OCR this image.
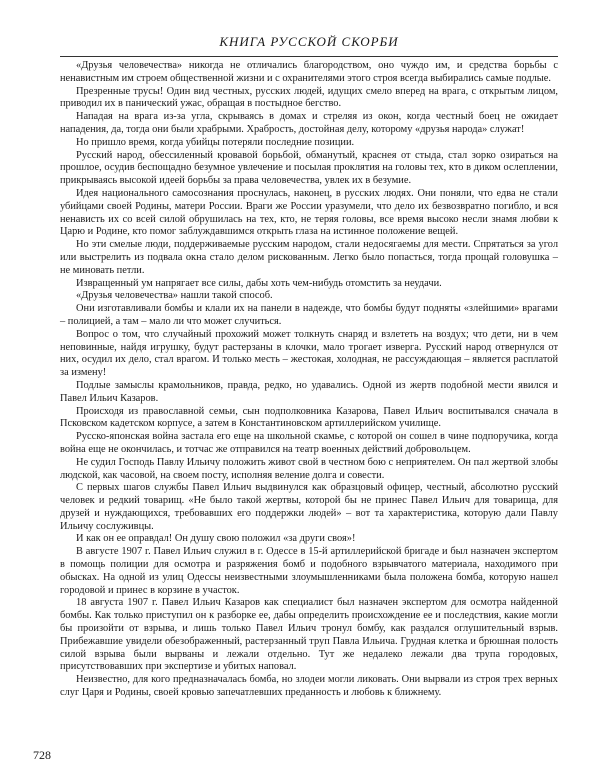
КНИГА РУССКОЙ СКОРБИ

«Друзья человечества» никогда не отличались благородством, оно чуждо им, и средства борьбы с ненавистным им строем общественной жизни и с охранителями этого строя всегда выбирались самые подлые.

Презренные трусы! Один вид честных, русских людей, идущих смело вперед на врага, с открытым лицом, приводил их в панический ужас, обращая в постыдное бегство.

Нападая на врага из-за угла, скрываясь в домах и стреляя из окон, когда честный боец не ожидает нападения, да, тогда они были храбрыми. Храбрость, достойная делу, которому «друзья народа» служат!

Но пришло время, когда убийцы потеряли последние позиции.

Русский народ, обессиленный кровавой борьбой, обманутый, краснея от стыда, стал зорко озираться на прошлое, осудив беспощадно безумное увлечение и посылая проклятия на головы тех, кто в диком ослеплении, прикрываясь высокой идеей борьбы за права человечества, увлек их в безумие.

Идея национального самосознания проснулась, наконец, в русских людях. Они поняли, что едва не стали убийцами своей Родины, матери России. Враги же России уразумели, что дело их безвозвратно погибло, и вся ненависть их со всей силой обрушилась на тех, кто, не теряя головы, все время высоко несли знамя любви к Царю и Родине, кто помог заблуждавшимся открыть глаза на истинное положение вещей.

Но эти смелые люди, поддерживаемые русским народом, стали недосягаемы для мести. Спрятаться за угол или выстрелить из подвала окна стало делом рискованным. Легко было попасться, тогда прощай головушка – не миновать петли.

Извращенный ум напрягает все силы, дабы хоть чем-нибудь отомстить за неудачи.

«Друзья человечества» нашли такой способ.

Они изготавливали бомбы и клали их на панели в надежде, что бомбы будут подняты «злейшими» врагами – полицией, а там – мало ли что может случиться.

Вопрос о том, что случайный прохожий может толкнуть снаряд и взлететь на воздух; что дети, ни в чем неповинные, найдя игрушку, будут растерзаны в клочки, мало трогает изверга. Русский народ отвернулся от них, осудил их дело, стал врагом. И только месть – жестокая, холодная, не рассуждающая – является расплатой за измену!

Подлые замыслы крамольников, правда, редко, но удавались. Одной из жертв подобной мести явился и Павел Ильич Казаров.

Происходя из православной семьи, сын подполковника Казарова, Павел Ильич воспитывался сначала в Псковском кадетском корпусе, а затем в Константиновском артиллерийском училище.

Русско-японская война застала его еще на школьной скамье, с которой он сошел в чине подпоручика, когда война еще не окончилась, и тотчас же отправился на театр военных действий добровольцем.

Не судил Господь Павлу Ильичу положить живот свой в честном бою с неприятелем. Он пал жертвой злобы людской, как часовой, на своем посту, исполняя веление долга и совести.

С первых шагов службы Павел Ильич выдвинулся как образцовый офицер, честный, абсолютно русский человек и редкий товарищ. «Не было такой жертвы, которой бы не принес Павел Ильич для товарища, для друзей и нуждающихся, требовавших его поддержки людей» – вот та характеристика, которую дали Павлу Ильичу сослуживцы.

И как он ее оправдал! Он душу свою положил «за други своя»!

В августе 1907 г. Павел Ильич служил в г. Одессе в 15-й артиллерийской бригаде и был назначен экспертом в помощь полиции для осмотра и разряжения бомб и подобного взрывчатого материала, находимого при обысках. На одной из улиц Одессы неизвестными злоумышленниками была положена бомба, которую нашел городовой и принес в корзине в участок.

18 августа 1907 г. Павел Ильич Казаров как специалист был назначен экспертом для осмотра найденной бомбы. Как только приступил он к разборке ее, дабы определить происхождение ее и последствия, какие могли бы произойти от взрыва, и лишь только Павел Ильич тронул бомбу, как раздался оглушительный взрыв. Прибежавшие увидели обезображенный, растерзанный труп Павла Ильича. Грудная клетка и брюшная полость силой взрыва были вырваны и лежали отдельно. Тут же недалеко лежали два трупа городовых, присутствовавших при экспертизе и убитых наповал.

Неизвестно, для кого предназначалась бомба, но злодеи могли ликовать. Они вырвали из строя трех верных слуг Царя и Родины, своей кровью запечатлевших преданность и любовь к ближнему.

728
